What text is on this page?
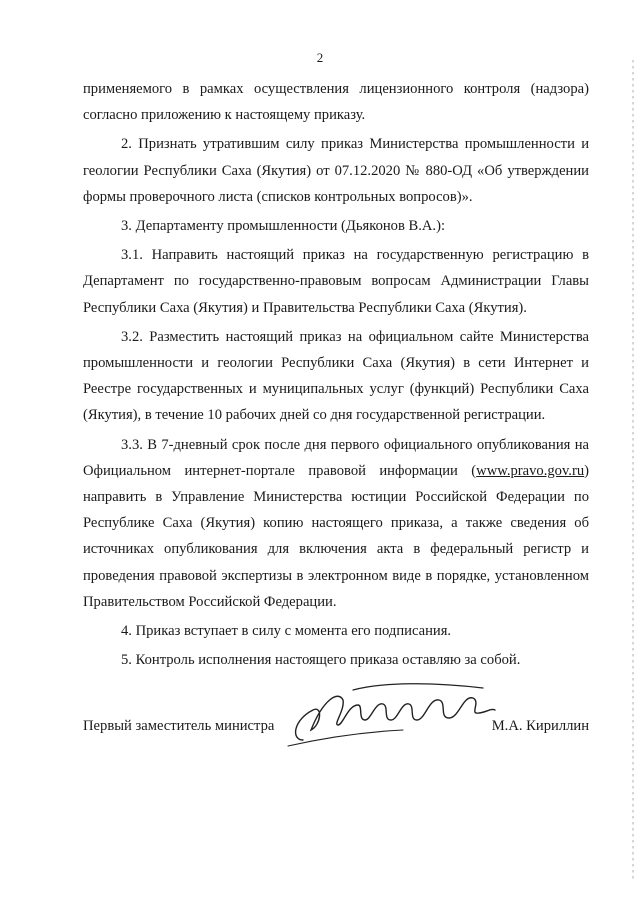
2

применяемого в рамках осуществления лицензионного контроля (надзора) согласно приложению к настоящему приказу.

2. Признать утратившим силу приказ Министерства промышленности и геологии Республики Саха (Якутия) от 07.12.2020 № 880-ОД «Об утверждении формы проверочного листа (списков контрольных вопросов)».

3. Департаменту промышленности (Дьяконов В.А.):

3.1. Направить настоящий приказ на государственную регистрацию в Департамент по государственно-правовым вопросам Администрации Главы Республики Саха (Якутия) и Правительства Республики Саха (Якутия).

3.2. Разместить настоящий приказ на официальном сайте Министерства промышленности и геологии Республики Саха (Якутия) в сети Интернет и Реестре государственных и муниципальных услуг (функций) Республики Саха (Якутия), в течение 10 рабочих дней со дня государственной регистрации.

3.3. В 7-дневный срок после дня первого официального опубликования на Официальном интернет-портале правовой информации (www.pravo.gov.ru) направить в Управление Министерства юстиции Российской Федерации по Республике Саха (Якутия) копию настоящего приказа, а также сведения об источниках опубликования для включения акта в федеральный регистр и проведения правовой экспертизы в электронном виде в порядке, установленном Правительством Российской Федерации.

4. Приказ вступает в силу с момента его подписания.

5. Контроль исполнения настоящего приказа оставляю за собой.

Первый заместитель министра	М.А. Кириллин
